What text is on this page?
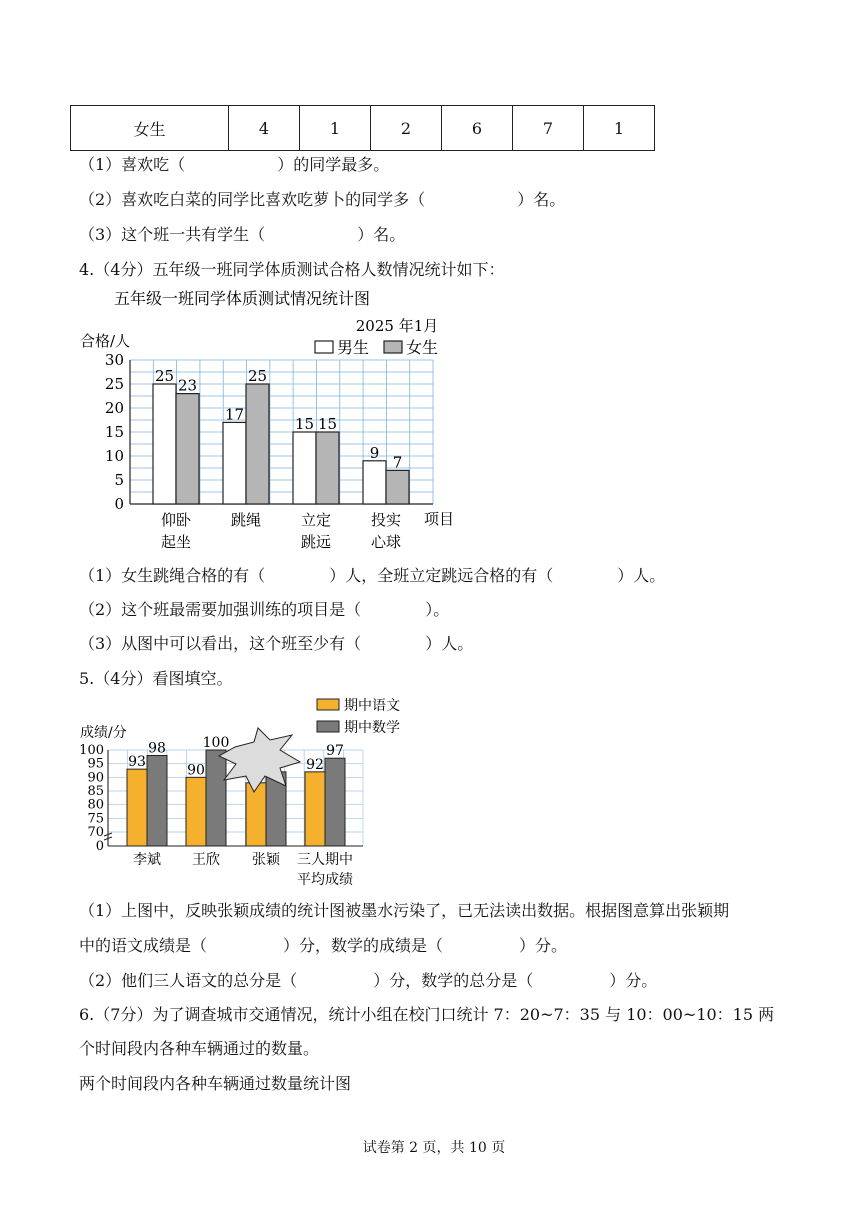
女生	4	1	2	6	7	1
（1）喜欢吃（	）的同学最多。
（2）喜欢吃白菜的同学比喜欢吃萝卜的同学多（	）名。
（3）这个班一共有学生（	）名。
4.（4分）五年级一班同学体质测试合格人数情况统计如下：
五年级一班同学体质测试情况统计图
2025 年1月
合格/人
项目
男生 女生
0
5
10
15
20
25
30
25
23
17
25
15 15
9
7
仰卧
起坐
跳绳	立定
跳远
投实
心球
（1）女生跳绳合格的有（	）人，全班立定跳远合格的有（	）人。
（2）这个班最需要加强训练的项目是（	）。
（3）从图中可以看出，这个班至少有（	）人。
5.（4分）看图填空。
期中语文
期中数学
成绩/分
0
70
75
80
85
90
95
100
93
98
90
100
92
97
李斌 王欣 张颖 三人期中
平均成绩
（1）上图中，反映张颖成绩的统计图被墨水污染了，已无法读出数据。根据图意算出张颖期
中的语文成绩是（	）分，数学的成绩是（	）分。
（2）他们三人语文的总分是（	）分，数学的总分是（	）分。
6.（7分）为了调查城市交通情况，统计小组在校门口统计 7：20~7：35 与 10：00~10：15 两
个时间段内各种车辆通过的数量。
两个时间段内各种车辆通过数量统计图
试卷第 2 页，共 10 页
